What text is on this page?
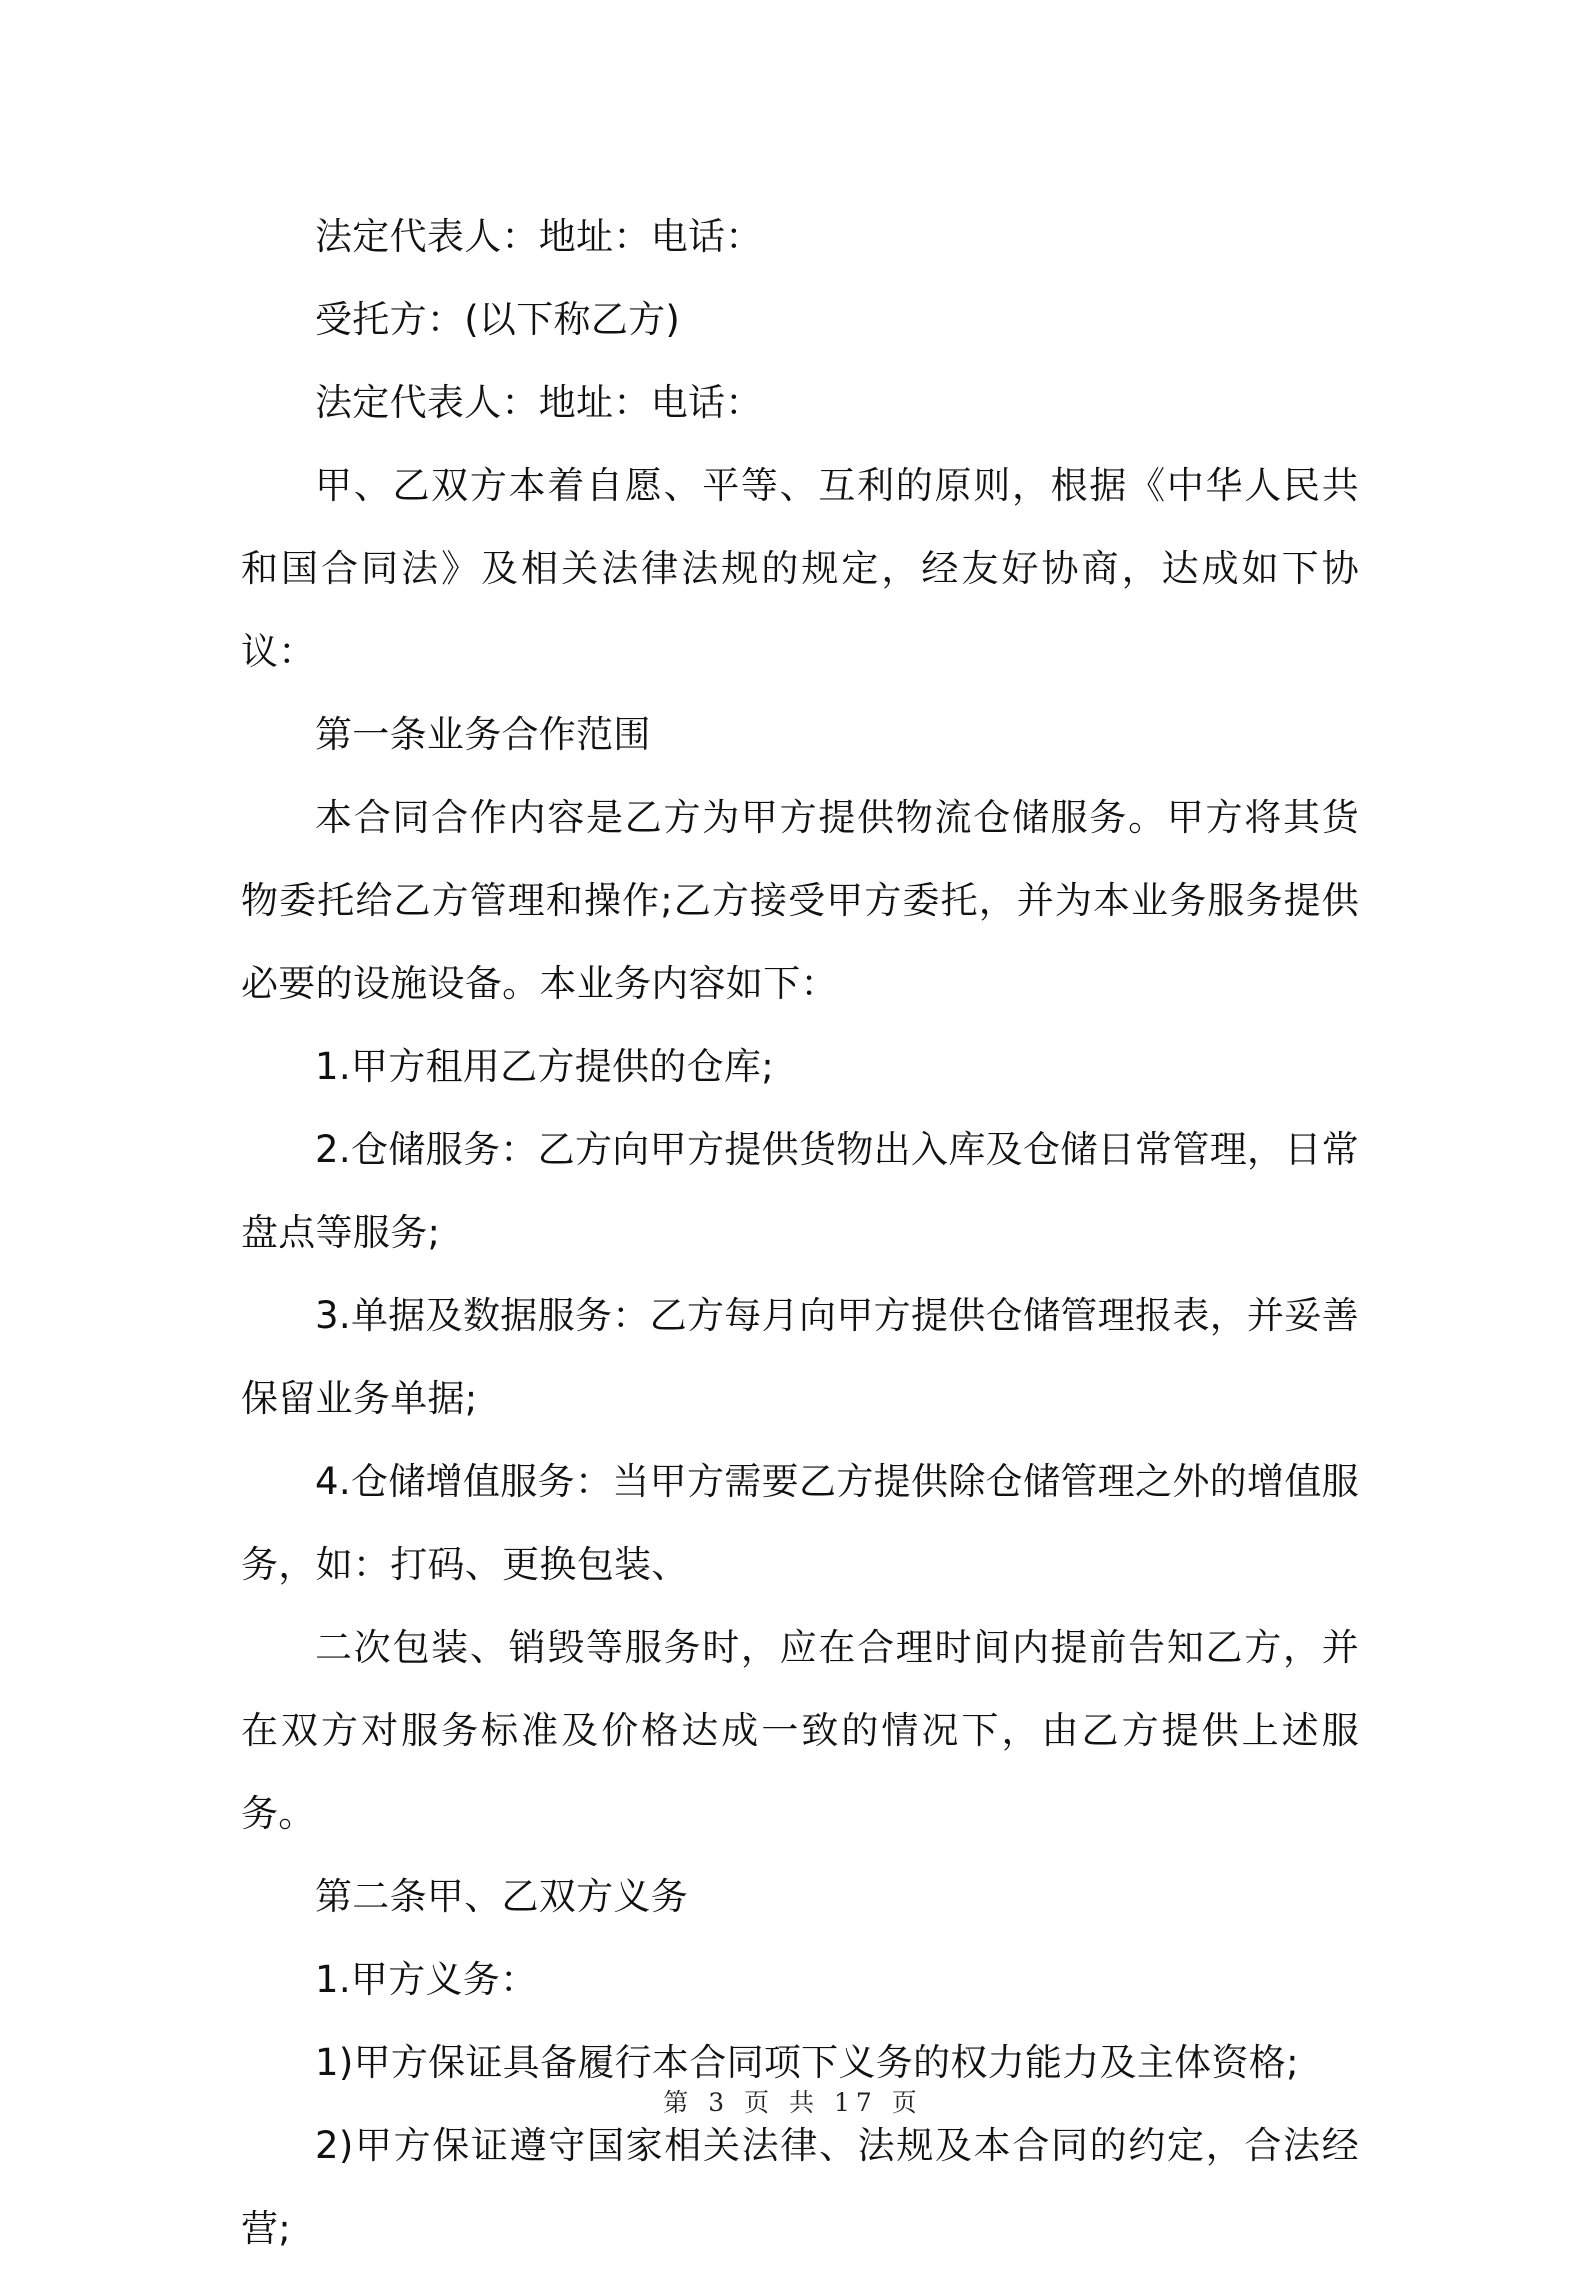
法定代表人：地址：电话：

受托方：(以下称乙方)

法定代表人：地址：电话：

甲、乙双方本着自愿、平等、互利的原则，根据《中华人民共和国合同法》及相关法律法规的规定，经友好协商，达成如下协议：

第一条业务合作范围

本合同合作内容是乙方为甲方提供物流仓储服务。甲方将其货物委托给乙方管理和操作;乙方接受甲方委托，并为本业务服务提供必要的设施设备。本业务内容如下：

1.甲方租用乙方提供的仓库;

2.仓储服务：乙方向甲方提供货物出入库及仓储日常管理，日常盘点等服务;

3.单据及数据服务：乙方每月向甲方提供仓储管理报表，并妥善保留业务单据;

4.仓储增值服务：当甲方需要乙方提供除仓储管理之外的增值服务，如：打码、更换包装、

二次包装、销毁等服务时，应在合理时间内提前告知乙方，并在双方对服务标准及价格达成一致的情况下，由乙方提供上述服务。

第二条甲、乙双方义务

1.甲方义务：

1)甲方保证具备履行本合同项下义务的权力能力及主体资格;

2)甲方保证遵守国家相关法律、法规及本合同的约定，合法经营;

第 3 页 共 17 页
